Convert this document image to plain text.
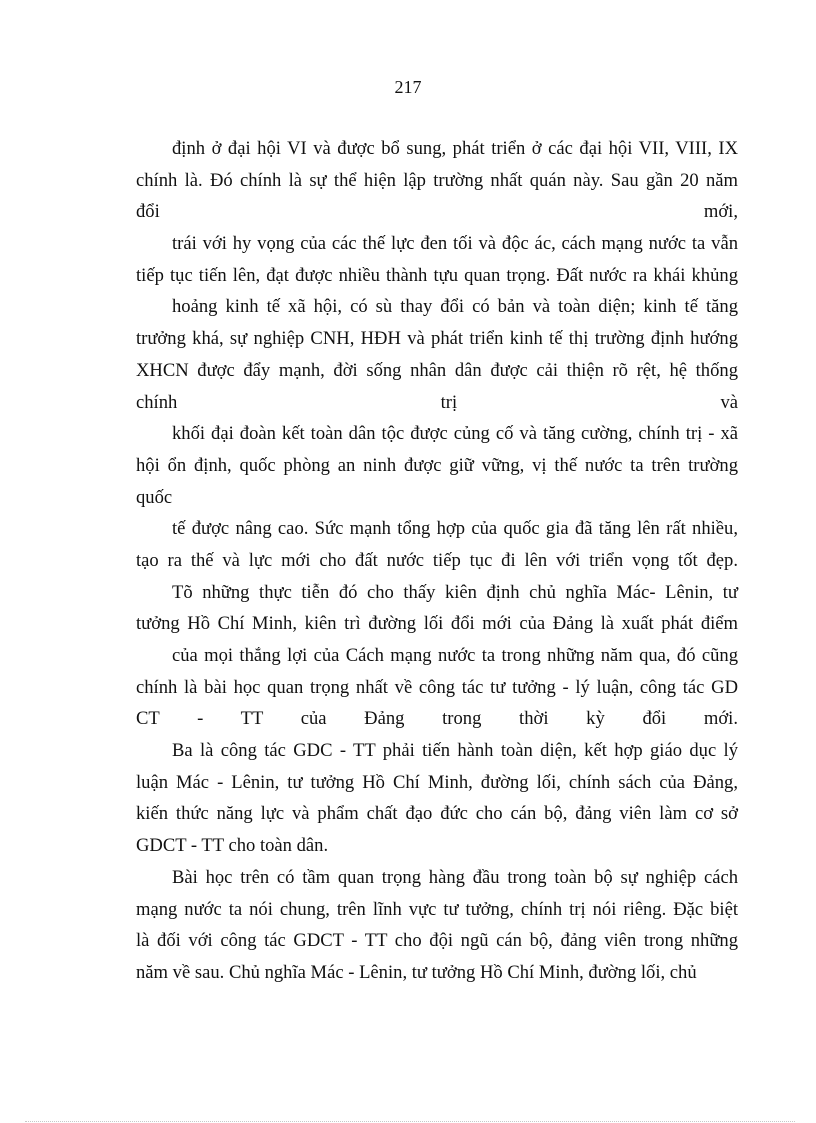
217
định ở đại hội VI và được bổ sung, phát triển ở các đại hội VII, VIII, IX
chính là. Đó chính là sự thể hiện lập trường nhất quán này. Sau gần 20 năm
đổi mới,
trái với hy vọng của các thế lực đen tối và độc ác, cách mạng nước ta vẫn
tiếp tục tiến lên, đạt được nhiều thành tựu quan trọng. Đất nước ra khái khủng
hoảng kinh tế xã hội, có sù thay đổi có bản và toàn diện; kinh tế tăng
trưởng khá, sự nghiệp CNH, HĐH và phát triển kinh tế thị trường định hướng
XHCN được đẩy mạnh, đời sống nhân dân được cải thiện rõ rệt, hệ thống
chính trị và
khối đại đoàn kết toàn dân tộc được củng cố và tăng cường, chính trị - xã
hội ổn định, quốc phòng an ninh được giữ vững, vị thế nước ta trên trường
quốc
tế được nâng cao. Sức mạnh tổng hợp của quốc gia đã tăng lên rất nhiều,
tạo ra thế và lực mới cho đất nước tiếp tục đi lên với triển vọng tốt đẹp.
Tõ những thực tiễn đó cho thấy kiên định chủ nghĩa Mác- Lênin, tư
tưởng Hồ Chí Minh, kiên trì đường lối đổi mới của Đảng là xuất phát điểm
của mọi thắng lợi của Cách mạng nước ta trong những năm qua, đó cũng
chính là bài học quan trọng nhất về công tác tư tưởng - lý luận, công tác GD
CT - TT của Đảng trong thời kỳ đổi mới.
Ba là công tác GDC - TT phải tiến hành toàn diện, kết hợp giáo dục lý
luận Mác - Lênin, tư tưởng Hồ Chí Minh, đường lối, chính sách của Đảng,
kiến thức năng lực và phẩm chất đạo đức cho cán bộ, đảng viên làm cơ sở
GDCT - TT cho toàn dân.
Bài học trên có tầm quan trọng hàng đầu trong toàn bộ sự nghiệp cách
mạng nước ta nói chung, trên lĩnh vực tư tưởng, chính trị nói riêng. Đặc biệt
là đối với công tác GDCT - TT cho đội ngũ cán bộ, đảng viên trong những
năm về sau. Chủ nghĩa Mác - Lênin, tư tưởng Hồ Chí Minh, đường lối, chủ
